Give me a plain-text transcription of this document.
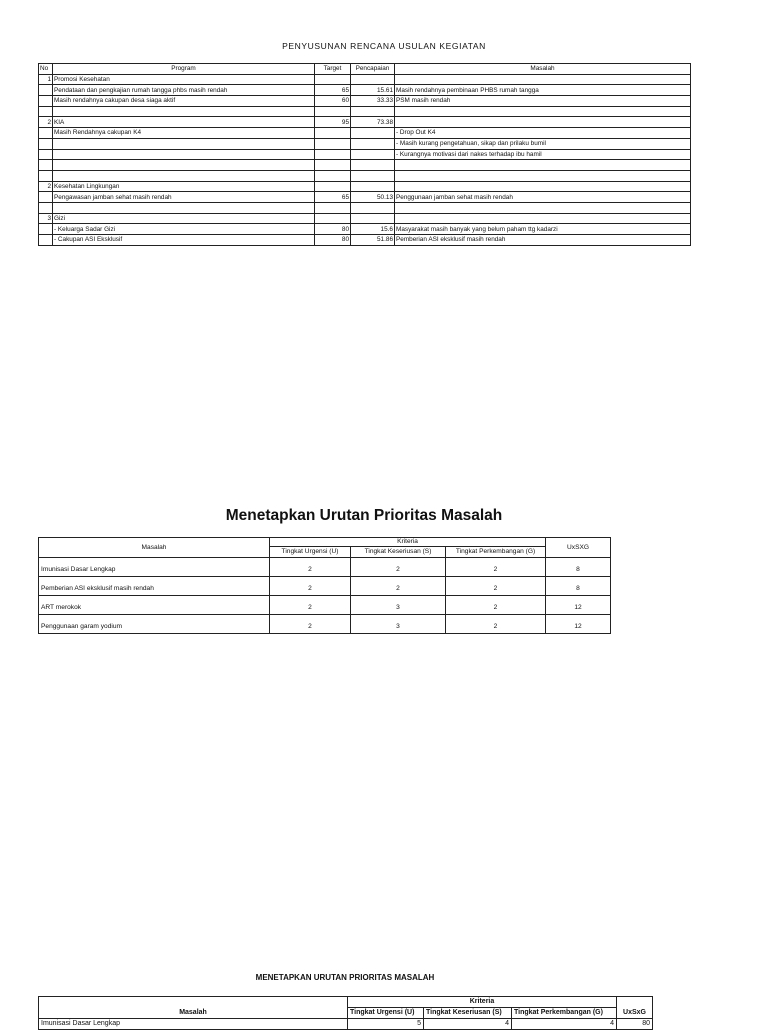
PENYUSUNAN RENCANA USULAN KEGIATAN
No	Program	Target	Pencapaian	Masalah
1	Promosi Kesehatan			
	Pendataan dan pengkajian rumah tangga phbs masih rendah	65	15.61	Masih rendahnya pembinaan PHBS rumah tangga
	Masih rendahnya cakupan desa siaga aktif	60	33.33	PSM masih rendah

2	KIA	95	73.38	
	Masih Rendahnya cakupan K4			- Drop Out K4
				- Masih kurang pengetahuan, sikap dan prilaku bumil
				- Kurangnya motivasi dari nakes terhadap ibu hamil

2	Kesehatan Lingkungan			
	Pengawasan jamban sehat masih rendah	65	50.13	Penggunaan jamban sehat masih rendah

3	Gizi			
	- Keluarga Sadar Gizi	80	15.6	Masyarakat masih banyak yang belum paham ttg kadarzi
	- Cakupan ASI Eksklusif	80	51.86	Pemberian ASI eksklusif masih rendah
Menetapkan Urutan Prioritas Masalah
Masalah	Kriteria			UxSXG
	Tingkat Urgensi (U)	Tingkat Keseriusan (S)	Tingkat Perkembangan (G)	
Imunisasi Dasar Lengkap	2	2	2	8
Pemberian ASI eksklusif masih rendah	2	2	2	8
ART merokok	2	3	2	12
Penggunaan garam yodium	2	3	2	12
MENETAPKAN URUTAN PRIORITAS MASALAH
Masalah	Kriteria			UxSxG
	Tingkat Urgensi (U)	Tingkat Keseriusan (S)	Tingkat Perkembangan (G)	
Imunisasi Dasar Lengkap	5	4	4	80
